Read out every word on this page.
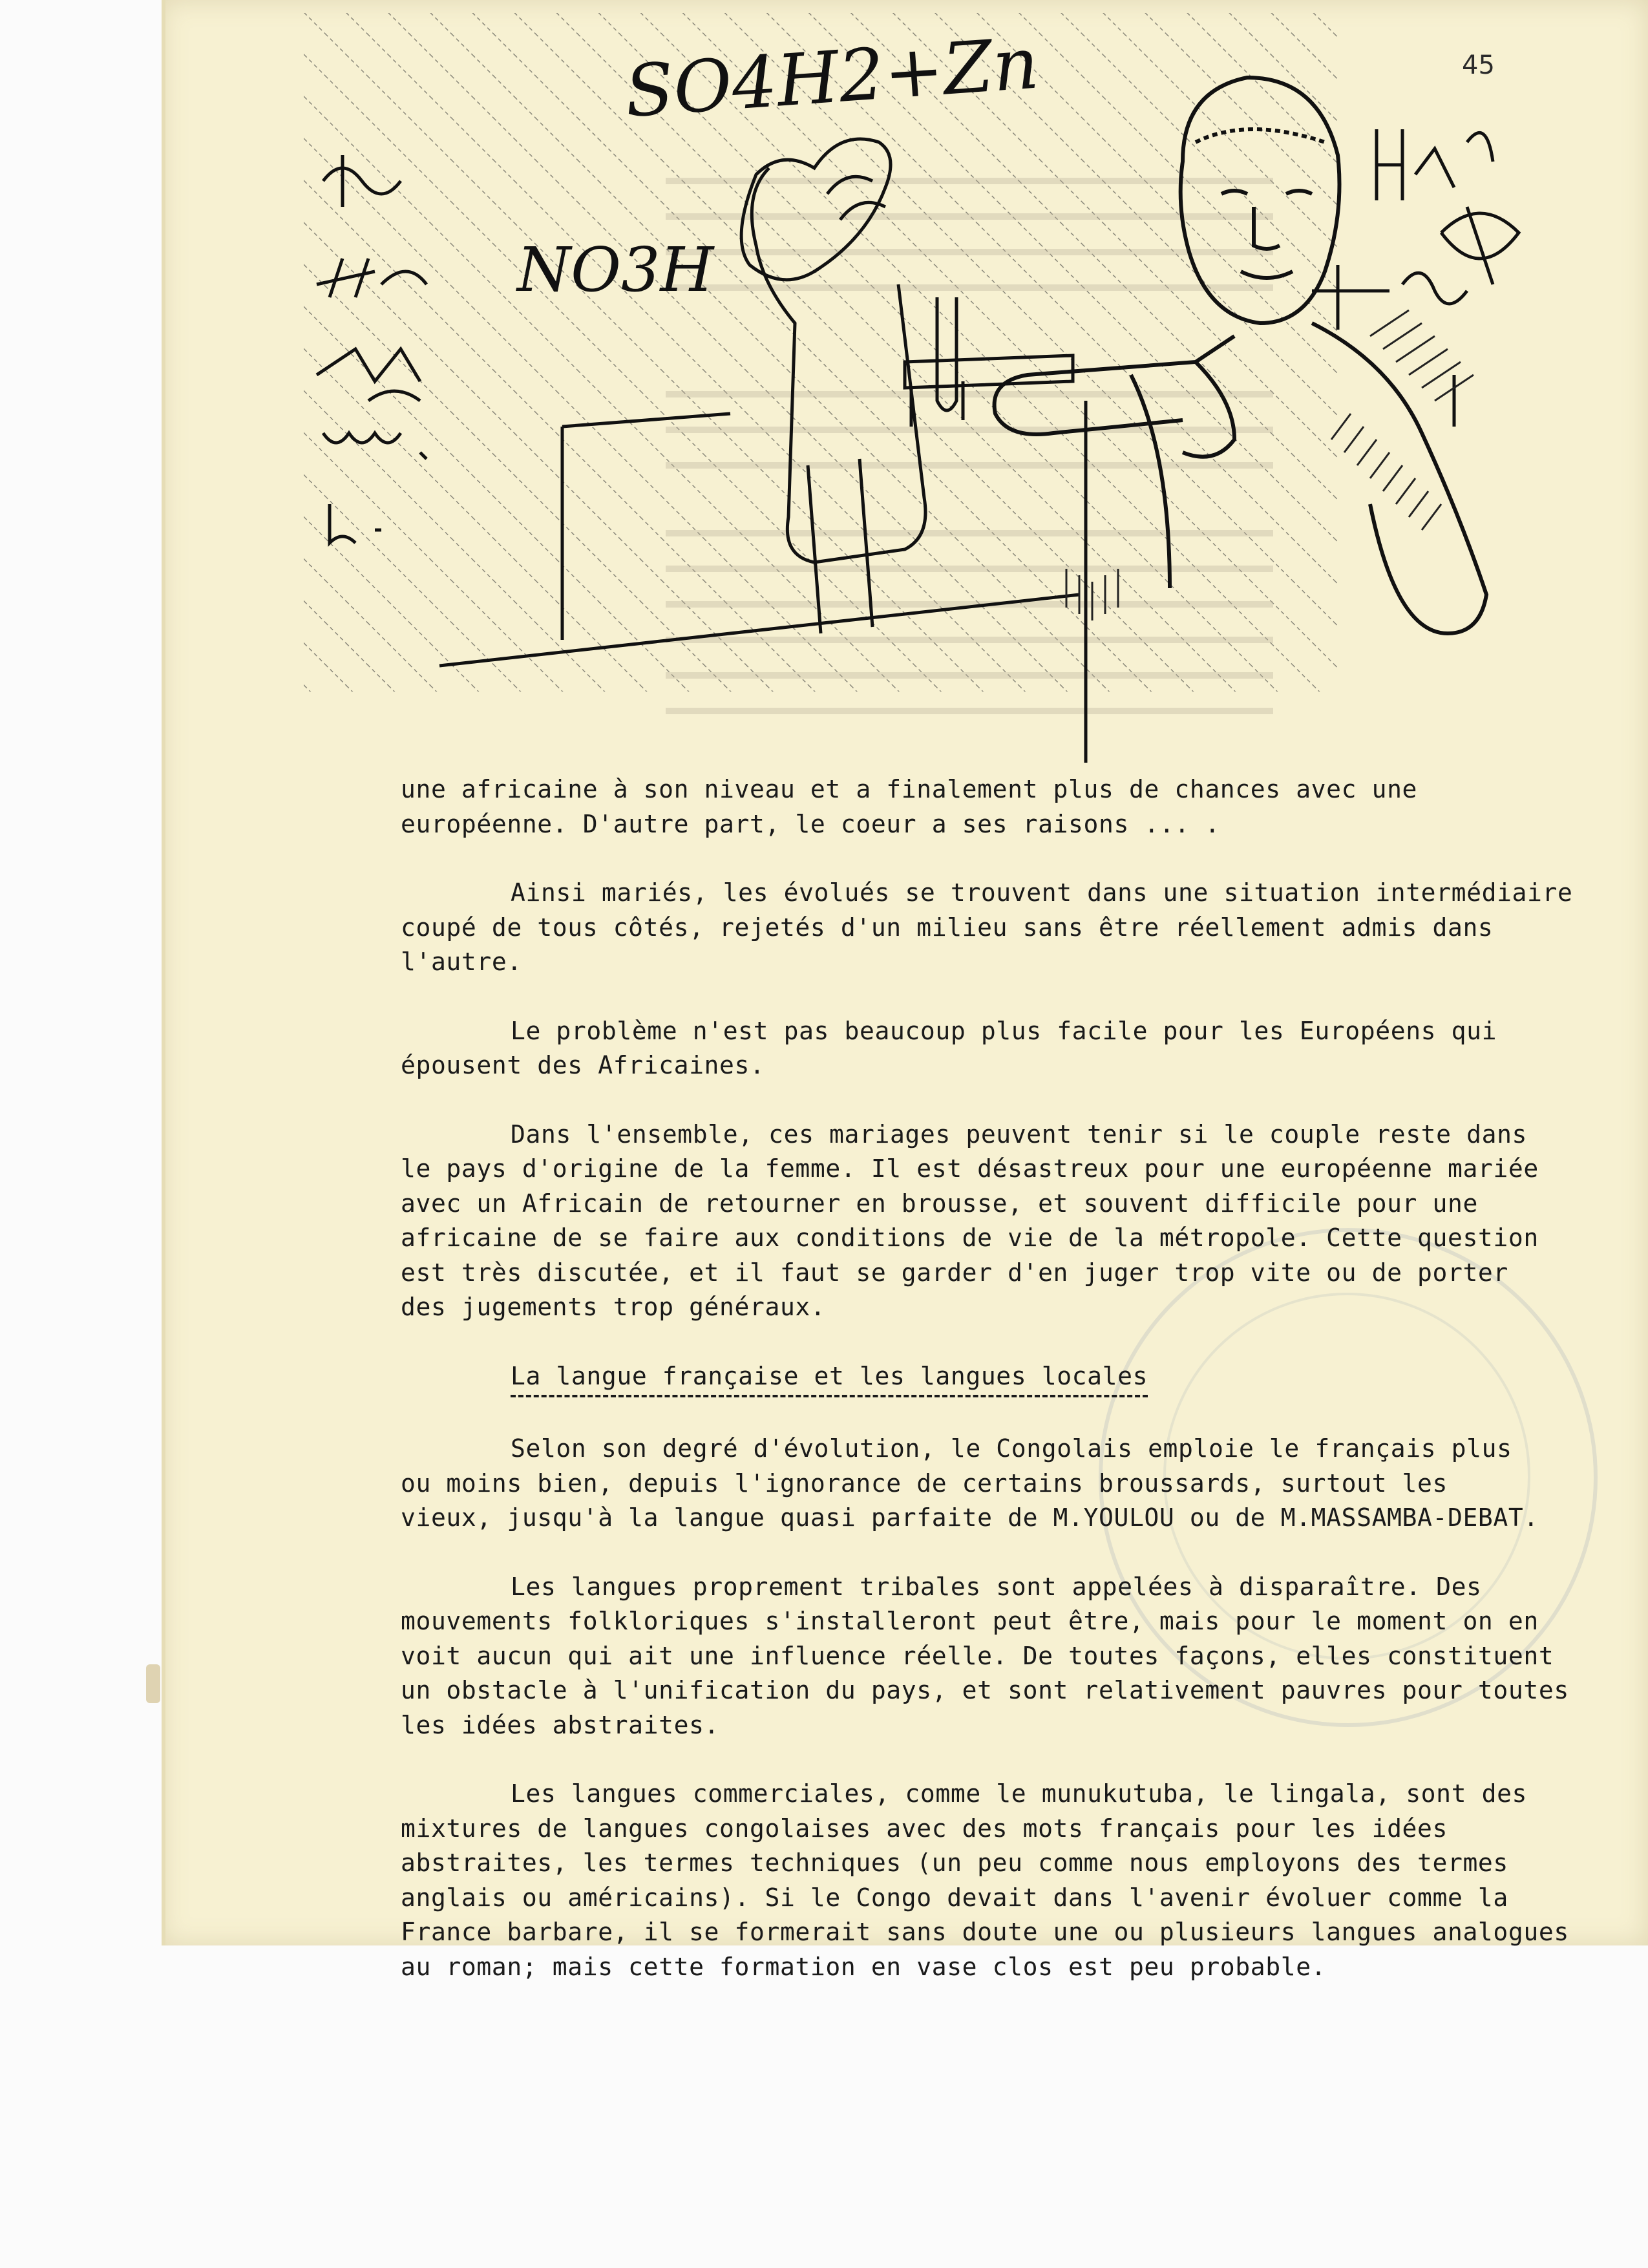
45
SO4H2+Zn
NO3H

une africaine à son niveau et a finalement plus de chances avec une
européenne. D'autre part, le coeur a ses raisons ... .

Ainsi mariés, les évolués se trouvent dans une situation intermédiaire
coupé de tous côtés, rejetés d'un milieu sans être réellement admis dans
l'autre.

Le problème n'est pas beaucoup plus facile pour les Européens qui
épousent des Africaines.

Dans l'ensemble, ces mariages peuvent tenir si le couple reste dans
le pays d'origine de la femme. Il est désastreux pour une européenne mariée
avec un Africain de retourner en brousse, et souvent difficile pour une
africaine de se faire aux conditions de vie de la métropole. Cette question
est très discutée, et il faut se garder d'en juger trop vite ou de porter
des jugements trop généraux.

La langue française et les langues locales

Selon son degré d'évolution, le Congolais emploie le français plus
ou moins bien, depuis l'ignorance de certains broussards, surtout les
vieux, jusqu'à la langue quasi parfaite de M.YOULOU ou de M.MASSAMBA-DEBAT.

Les langues proprement tribales sont appelées à disparaître. Des
mouvements folkloriques s'installeront peut être, mais pour le moment on en
voit aucun qui ait une influence réelle. De toutes façons, elles constituent
un obstacle à l'unification du pays, et sont relativement pauvres pour toutes
les idées abstraites.

Les langues commerciales, comme le munukutuba, le lingala, sont des
mixtures de langues congolaises avec des mots français pour les idées
abstraites, les termes techniques (un peu comme nous employons des termes
anglais ou américains). Si le Congo devait dans l'avenir évoluer comme la
France barbare, il se formerait sans doute une ou plusieurs langues analogues
au roman; mais cette formation en vase clos est peu probable.
